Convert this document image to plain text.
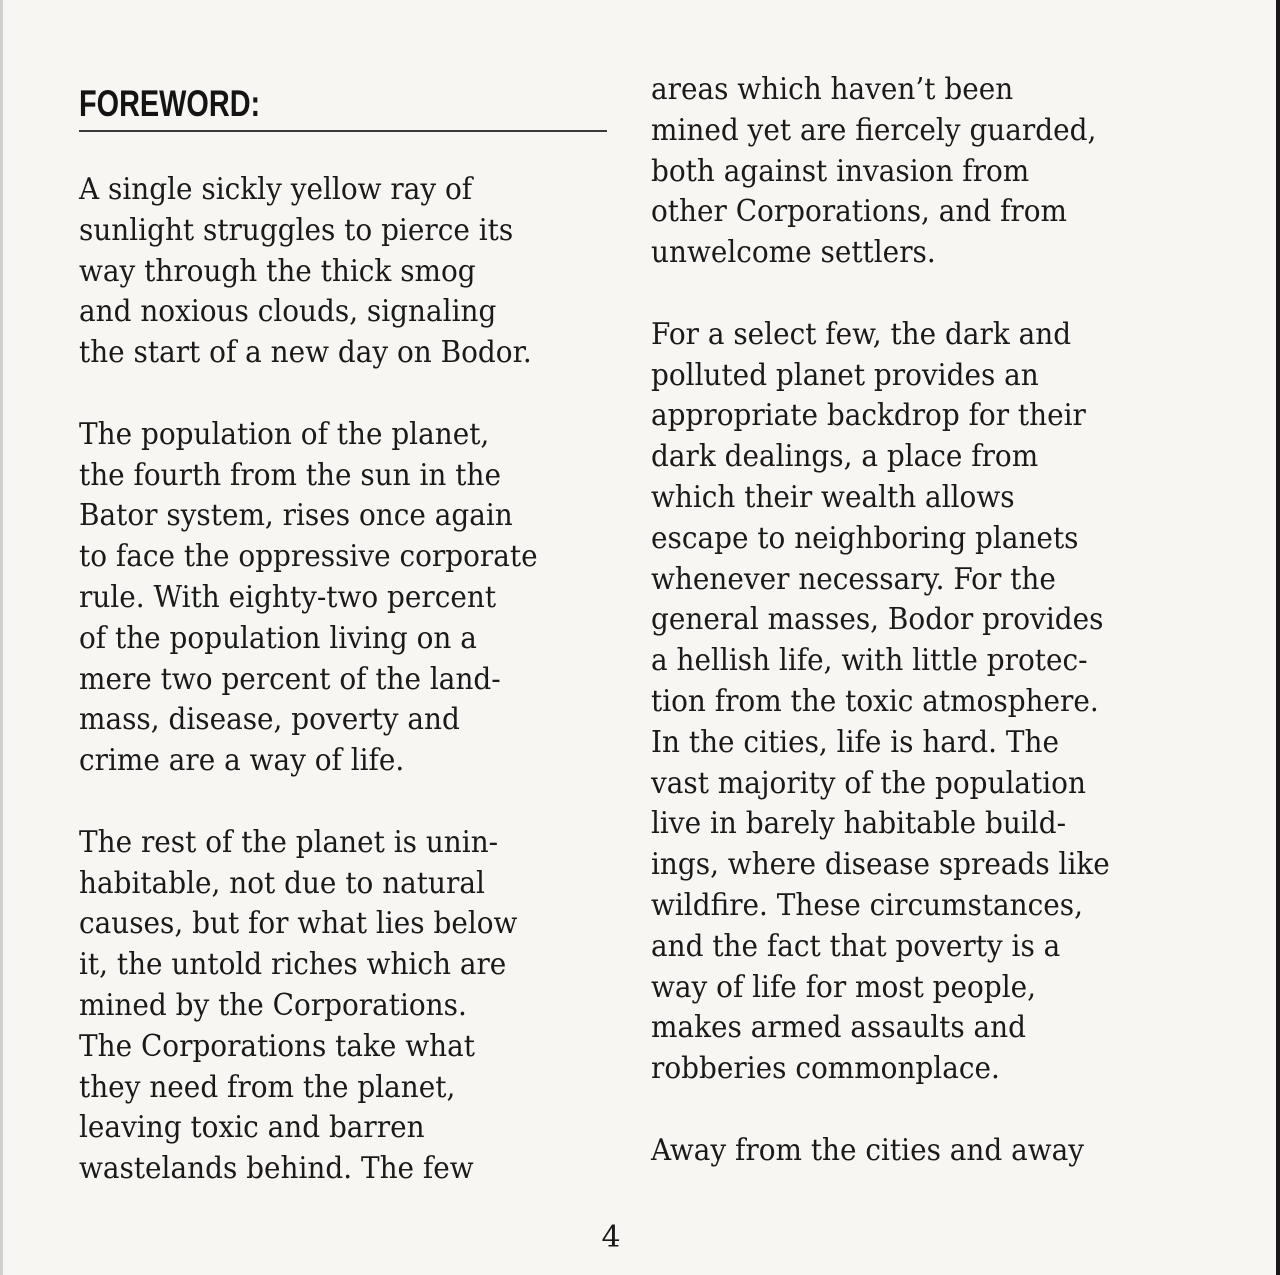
FOREWORD:
A single sickly yellow ray of
sunlight struggles to pierce its
way through the thick smog
and noxious clouds, signaling
the start of a new day on Bodor.
The population of the planet,
the fourth from the sun in the
Bator system, rises once again
to face the oppressive corporate
rule. With eighty-two percent
of the population living on a
mere two percent of the land-
mass, disease, poverty and
crime are a way of life.
The rest of the planet is unin-
habitable, not due to natural
causes, but for what lies below
it, the untold riches which are
mined by the Corporations.
The Corporations take what
they need from the planet,
leaving toxic and barren
wastelands behind. The few
areas which haven’t been
mined yet are fiercely guarded,
both against invasion from
other Corporations, and from
unwelcome settlers.
For a select few, the dark and
polluted planet provides an
appropriate backdrop for their
dark dealings, a place from
which their wealth allows
escape to neighboring planets
whenever necessary. For the
general masses, Bodor provides
a hellish life, with little protec-
tion from the toxic atmosphere.
In the cities, life is hard. The
vast majority of the population
live in barely habitable build-
ings, where disease spreads like
wildfire. These circumstances,
and the fact that poverty is a
way of life for most people,
makes armed assaults and
robberies commonplace.
Away from the cities and away
4
